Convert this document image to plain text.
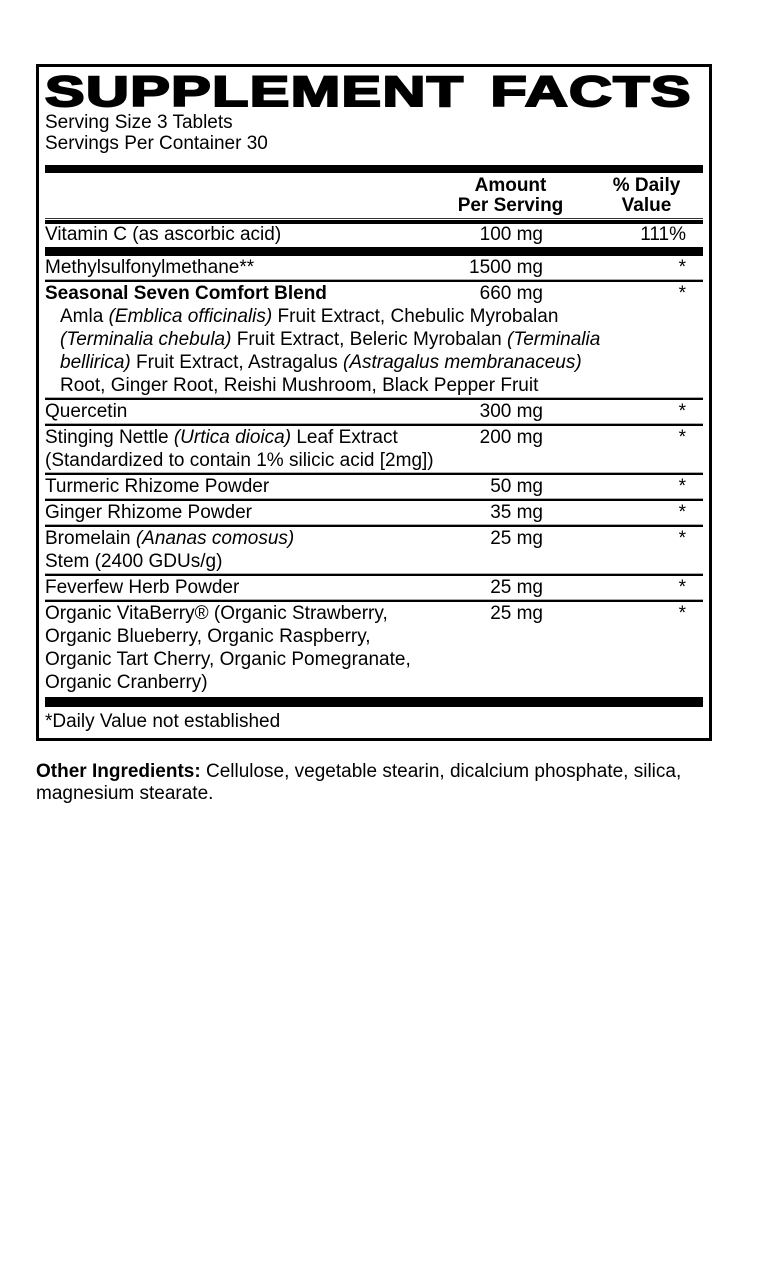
SUPPLEMENT FACTS
Serving Size 3 Tablets
Servings Per Container 30
Amount
Per Serving
% Daily
Value
Vitamin C (as ascorbic acid)	100 mg	111%
Methylsulfonylmethane**	1500 mg	*
Seasonal Seven Comfort Blend	660 mg	*
Amla (Emblica officinalis) Fruit Extract, Chebulic Myrobalan
(Terminalia chebula) Fruit Extract, Beleric Myrobalan (Terminalia
bellirica) Fruit Extract, Astragalus (Astragalus membranaceus)
Root, Ginger Root, Reishi Mushroom, Black Pepper Fruit
Quercetin	300 mg	*
Stinging Nettle (Urtica dioica) Leaf Extract	200 mg	*
(Standardized to contain 1% silicic acid [2mg])
Turmeric Rhizome Powder	50 mg	*
Ginger Rhizome Powder	35 mg	*
Bromelain (Ananas comosus)	25 mg	*
Stem (2400 GDUs/g)
Feverfew Herb Powder	25 mg	*
Organic VitaBerry® (Organic Strawberry,	25 mg	*
Organic Blueberry, Organic Raspberry,
Organic Tart Cherry, Organic Pomegranate,
Organic Cranberry)
*Daily Value not established

Other Ingredients: Cellulose, vegetable stearin, dicalcium phosphate, silica, magnesium stearate.
